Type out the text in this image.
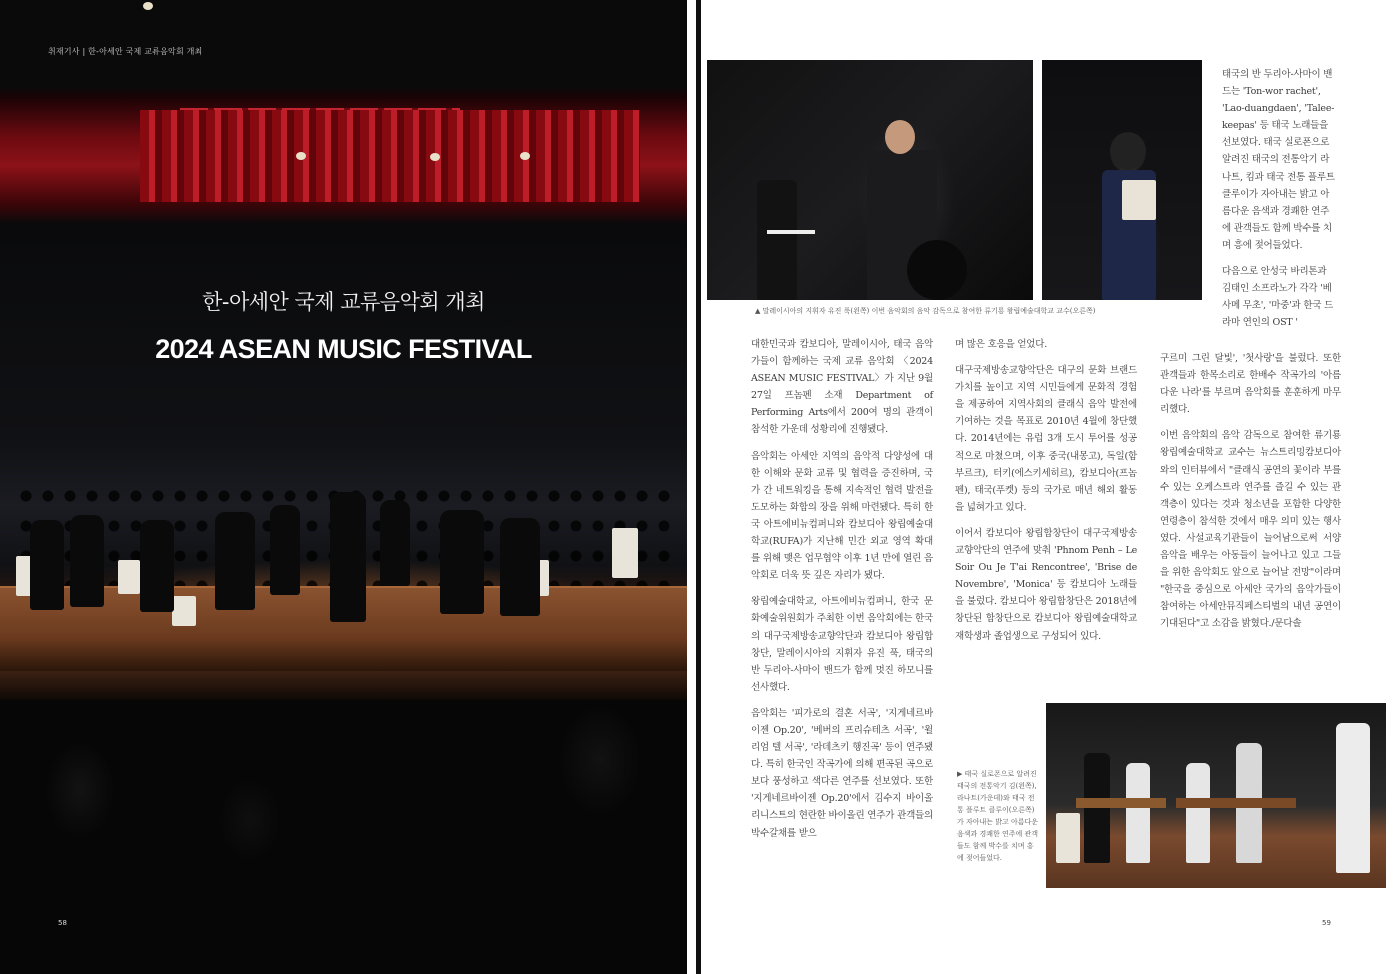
취재기사 | 한-아세안 국제 교류음악회 개최
한-아세안 국제 교류음악회 개최
2024 ASEAN MUSIC FESTIVAL
58
▲ 말레이시아의 지휘자 유진 푹(왼쪽) 이번 음악회의 음악 감독으로 참여한 류기룡 왕립예술대학교 교수(오른쪽)

대한민국과 캄보디아, 말레이시아, 태국 음악가들이 함께하는 국제 교류 음악회 〈2024 ASEAN MUSIC FESTIVAL〉가 지난 9월 27일 프놈펜 소재 Department of Performing Arts에서 200여 명의 관객이 참석한 가운데 성황리에 진행됐다.

음악회는 아세안 지역의 음악적 다양성에 대한 이해와 문화 교류 및 협력을 증진하며, 국가 간 네트워킹을 통해 지속적인 협력 발전을 도모하는 화합의 장을 위해 마련됐다. 특히 한국 아트에비뉴컴퍼니와 캄보디아 왕립예술대학교(RUFA)가 지난해 민간 외교 영역 확대를 위해 맺은 업무협약 이후 1년 만에 열린 음악회로 더욱 뜻 깊은 자리가 됐다.

왕립예술대학교, 아트에비뉴컴퍼니, 한국 문화예술위원회가 주최한 이번 음악회에는 한국의 대구국제방송교향악단과 캄보디아 왕립합창단, 말레이시아의 지휘자 유진 푹, 태국의 반 두리아-사마이 밴드가 함께 멋진 하모니를 선사했다.

음악회는 '피가로의 결혼 서곡', '지게네르바이젠 Op.20', '베버의 프리슈테츠 서곡', '윌리엄 텔 서곡', '라데츠키 행진곡' 등이 연주됐다. 특히 한국인 작곡가에 의해 편곡된 곡으로 보다 풍성하고 색다른 연주를 선보였다. 또한 '지게네르바이젠 Op.20'에서 김수지 바이올리니스트의 현란한 바이올린 연주가 관객들의 박수갈채를 받으

며 많은 호응을 얻었다.

대구국제방송교향악단은 대구의 문화 브랜드 가치를 높이고 지역 시민들에게 문화적 경험을 제공하여 지역사회의 클래식 음악 발전에 기여하는 것을 목표로 2010년 4월에 창단했다. 2014년에는 유럽 3개 도시 투어를 성공적으로 마쳤으며, 이후 중국(내몽고), 독일(함부르크), 터키(에스키세히르), 캄보디아(프놈펜), 태국(푸켓) 등의 국가로 매년 해외 활동을 넓혀가고 있다.

이어서 캄보디아 왕립합창단이 대구국제방송교향악단의 연주에 맞춰 'Phnom Penh – Le Soir Ou Je T'ai Rencontree', 'Brise de Novembre', 'Monica' 등 캄보디아 노래들을 불렀다. 캄보디아 왕립합창단은 2018년에 창단된 합창단으로 캄보디아 왕립예술대학교 재학생과 졸업생으로 구성되어 있다.

태국의 반 두리아-사마이 밴드는 'Ton-wor rachet', 'Lao-duangdaen', 'Talee-keepas' 등 태국 노래들을 선보였다. 태국 실로폰으로 알려진 태국의 전통악기 라나트, 킴과 태국 전통 플루트 클루이가 자아내는 밝고 아름다운 음색과 경쾌한 연주에 관객들도 함께 박수를 치며 흥에 젖어들었다.

다음으로 안성국 바리톤과 김태인 소프라노가 각각 '베사메 무초', '마중'과 한국 드라마 연인의 OST '

구르미 그린 달빛', '첫사랑'을 불렀다. 또한 관객들과 한목소리로 한배수 작곡가의 '아름다운 나라'를 부르며 음악회를 훈훈하게 마무리했다.

이번 음악회의 음악 감독으로 참여한 류기룡 왕립예술대학교 교수는 뉴스트리밍캄보디아와의 인터뷰에서 "클래식 공연의 꽃이라 부를 수 있는 오케스트라 연주를 즐길 수 있는 관객층이 있다는 것과 청소년을 포함한 다양한 연령층이 참석한 것에서 매우 의미 있는 행사였다. 사설교육기관들이 늘어남으로써 서양음악을 배우는 아동들이 늘어나고 있고 그들을 위한 음악회도 앞으로 늘어날 전망"이라며 "한국을 중심으로 아세안 국가의 음악가들이 참여하는 아세안뮤직페스티벌의 내년 공연이 기대된다"고 소감을 밝혔다./문다솔

▶ 태국 실로폰으로 알려진 태국의 전통악기 김(왼쪽), 라나트(가운데)와 태국 전통 플루트 클루이(오른쪽)가 자아내는 밝고 아름다운 음색과 경쾌한 연주에 관객들도 함께 박수를 치며 흥에 젖어들었다.
59
